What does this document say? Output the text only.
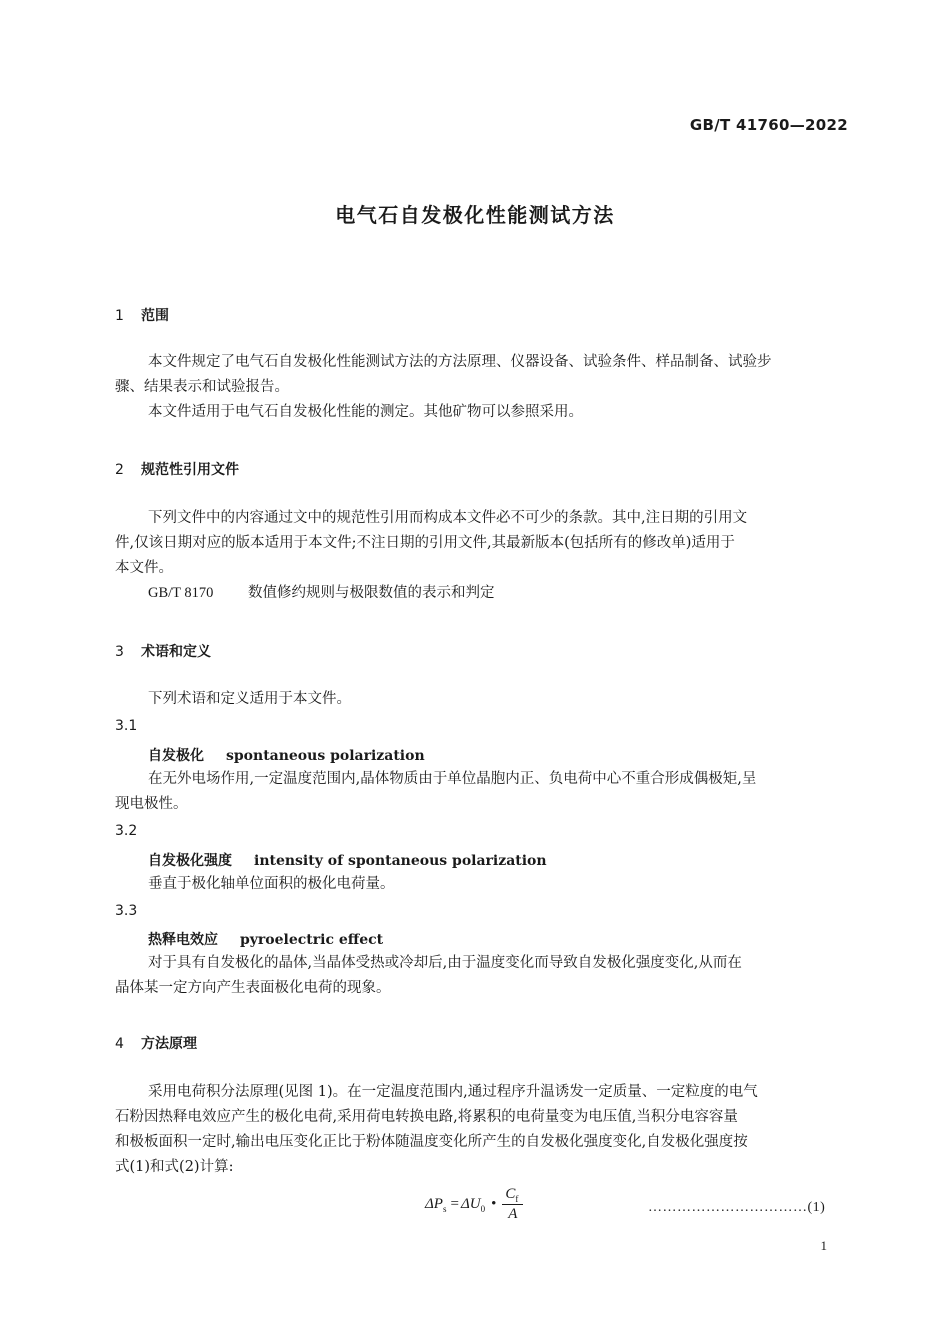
GB/T 41760—2022
电气石自发极化性能测试方法
1 范围
本文件规定了电气石自发极化性能测试方法的方法原理、仪器设备、试验条件、样品制备、试验步
骤、结果表示和试验报告。
本文件适用于电气石自发极化性能的测定。其他矿物可以参照采用。
2 规范性引用文件
下列文件中的内容通过文中的规范性引用而构成本文件必不可少的条款。其中,注日期的引用文
件,仅该日期对应的版本适用于本文件;不注日期的引用文件,其最新版本(包括所有的修改单)适用于
本文件。
GB/T 8170 数值修约规则与极限数值的表示和判定
3 术语和定义
下列术语和定义适用于本文件。
3.1
自发极化 spontaneous polarization
在无外电场作用,一定温度范围内,晶体物质由于单位晶胞内正、负电荷中心不重合形成偶极矩,呈
现电极性。
3.2
自发极化强度 intensity of spontaneous polarization
垂直于极化轴单位面积的极化电荷量。
3.3
热释电效应 pyroelectric effect
对于具有自发极化的晶体,当晶体受热或冷却后,由于温度变化而导致自发极化强度变化,从而在
晶体某一定方向产生表面极化电荷的现象。
4 方法原理
采用电荷积分法原理(见图 1)。在一定温度范围内,通过程序升温诱发一定质量、一定粒度的电气
石粉因热释电效应产生的极化电荷,采用荷电转换电路,将累积的电荷量变为电压值,当积分电容容量
和极板面积一定时,输出电压变化正比于粉体随温度变化所产生的自发极化强度变化,自发极化强度按
式(1)和式(2)计算:
ΔP s = ΔU 0 • $\frac{C_f}{A}$	……………………………(1)
1
